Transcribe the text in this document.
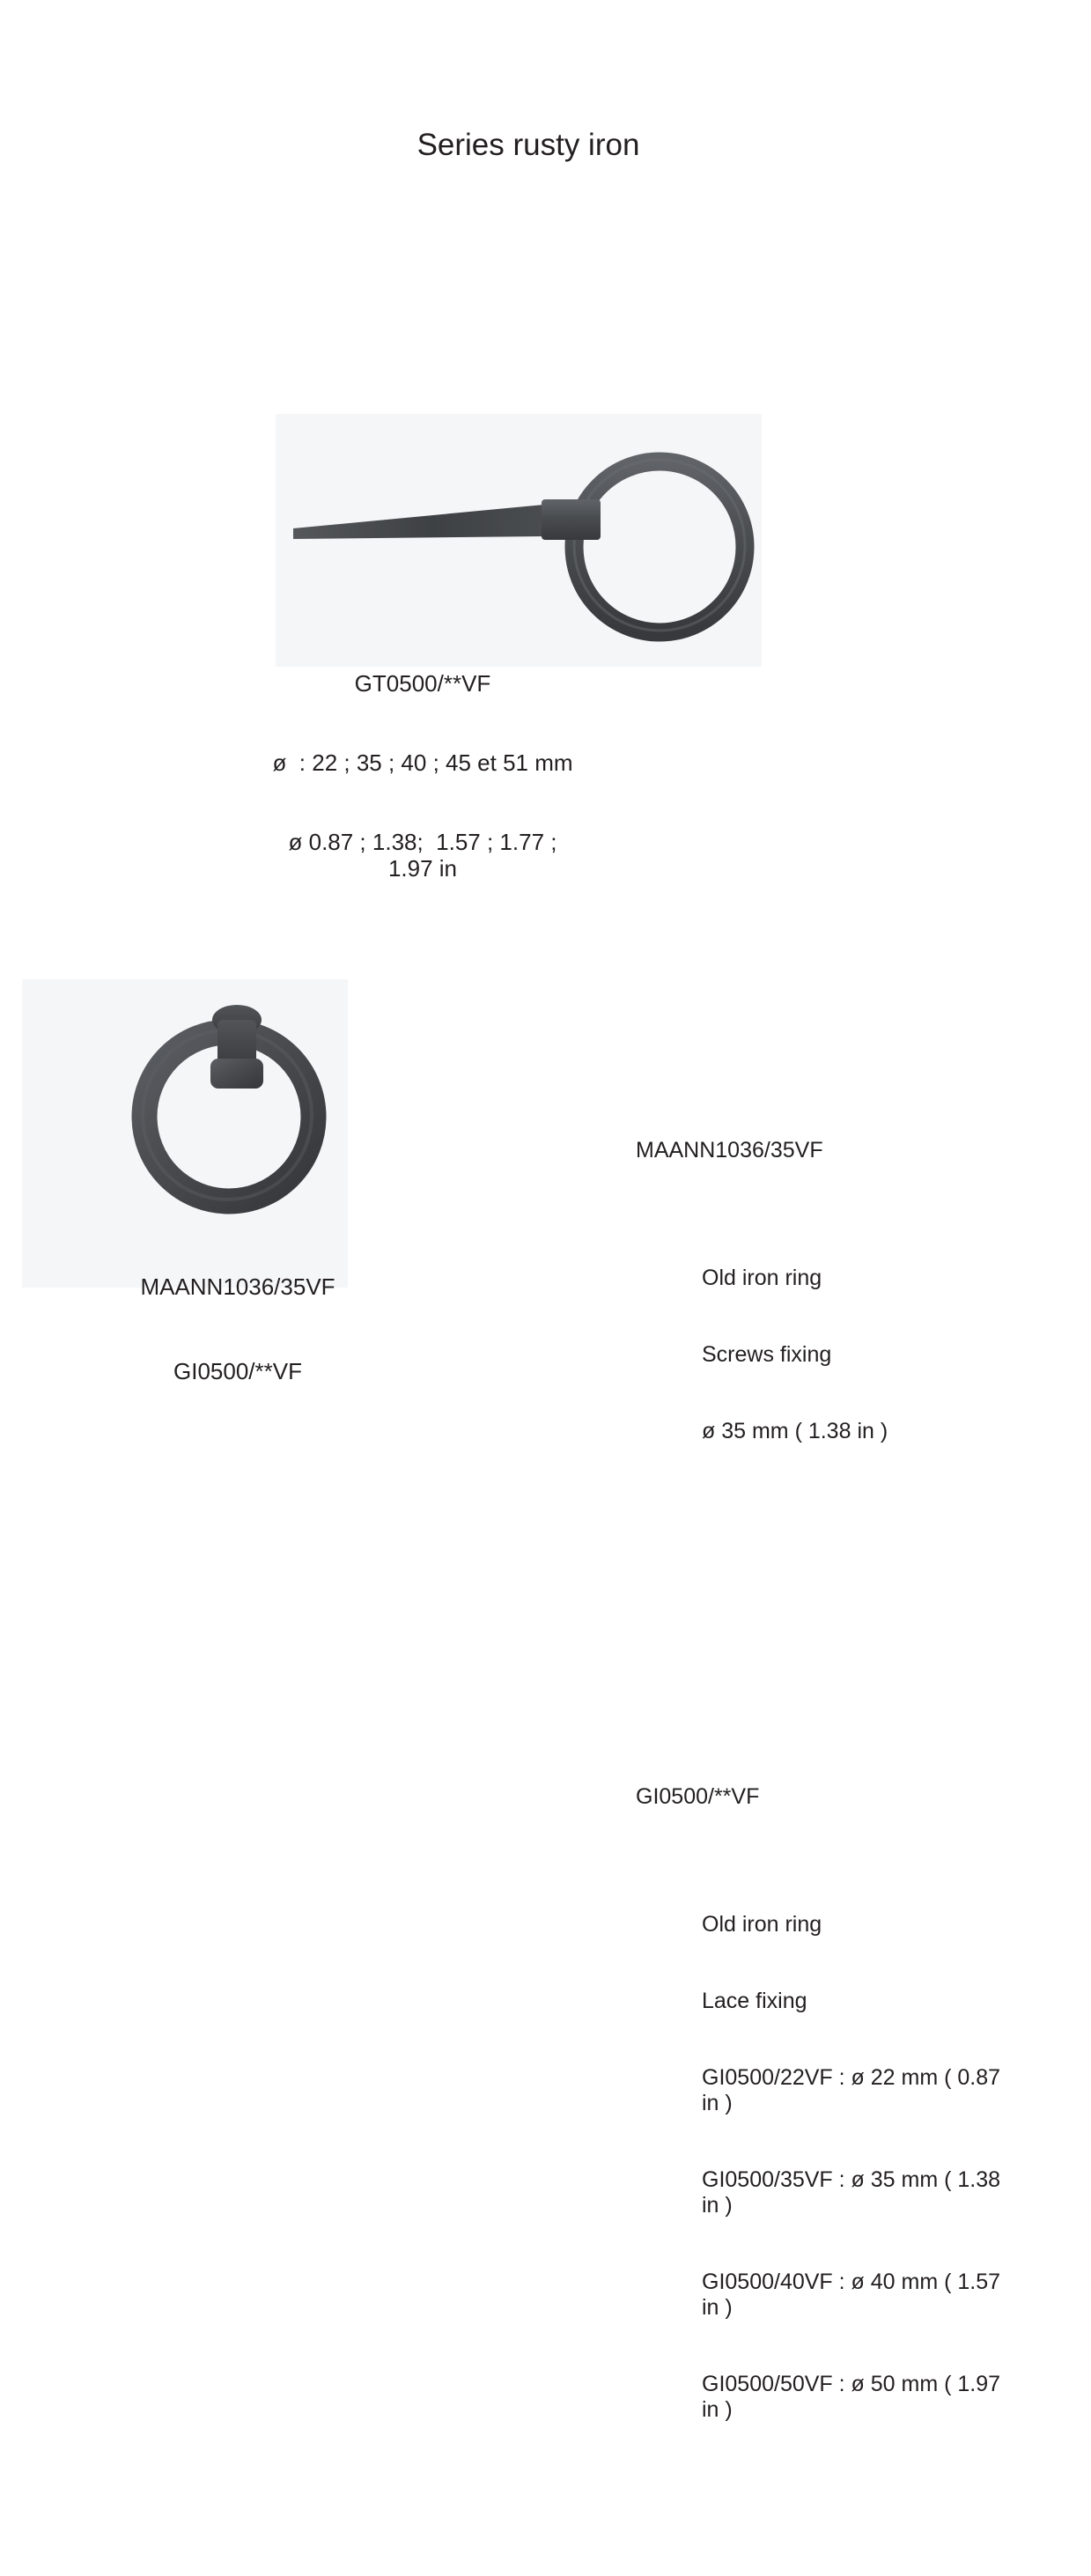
Series rusty iron

GT0500/**VF

ø  : 22 ; 35 ; 40 ; 45 et 51 mm

ø 0.87 ; 1.38;  1.57 ; 1.77 ; 1.97 in

MAANN1036/35VF

GI0500/**VF

MAANN1036/35VF

Old iron ring

Screws fixing

ø 35 mm ( 1.38 in )

GI0500/**VF

Old iron ring

Lace fixing

GI0500/22VF : ø 22 mm ( 0.87 in )

GI0500/35VF : ø 35 mm ( 1.38 in )

GI0500/40VF : ø 40 mm ( 1.57 in )

GI0500/50VF : ø 50 mm ( 1.97 in )
